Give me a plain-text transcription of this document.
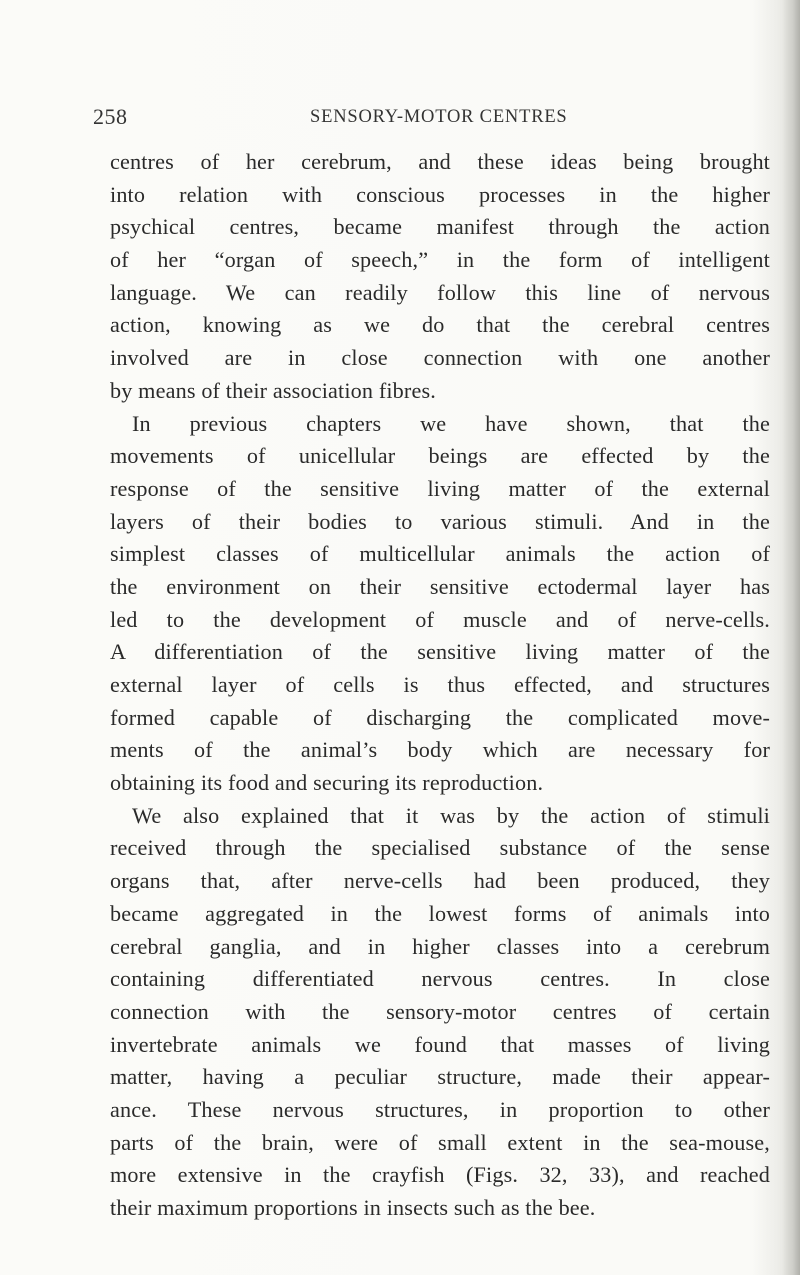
258	SENSORY-MOTOR CENTRES
centres of her cerebrum, and these ideas being brought
into relation with conscious processes in the higher
psychical centres, became manifest through the action
of her “organ of speech,” in the form of intelligent
language. We can readily follow this line of nervous
action, knowing as we do that the cerebral centres
involved are in close connection with one another
by means of their association fibres.
In previous chapters we have shown, that the
movements of unicellular beings are effected by the
response of the sensitive living matter of the external
layers of their bodies to various stimuli. And in the
simplest classes of multicellular animals the action of
the environment on their sensitive ectodermal layer has
led to the development of muscle and of nerve-cells.
A differentiation of the sensitive living matter of the
external layer of cells is thus effected, and structures
formed capable of discharging the complicated move-
ments of the animal’s body which are necessary for
obtaining its food and securing its reproduction.
We also explained that it was by the action of stimuli
received through the specialised substance of the sense
organs that, after nerve-cells had been produced, they
became aggregated in the lowest forms of animals into
cerebral ganglia, and in higher classes into a cerebrum
containing differentiated nervous centres. In close
connection with the sensory-motor centres of certain
invertebrate animals we found that masses of living
matter, having a peculiar structure, made their appear-
ance. These nervous structures, in proportion to other
parts of the brain, were of small extent in the sea-mouse,
more extensive in the crayfish (Figs. 32, 33), and reached
their maximum proportions in insects such as the bee.
